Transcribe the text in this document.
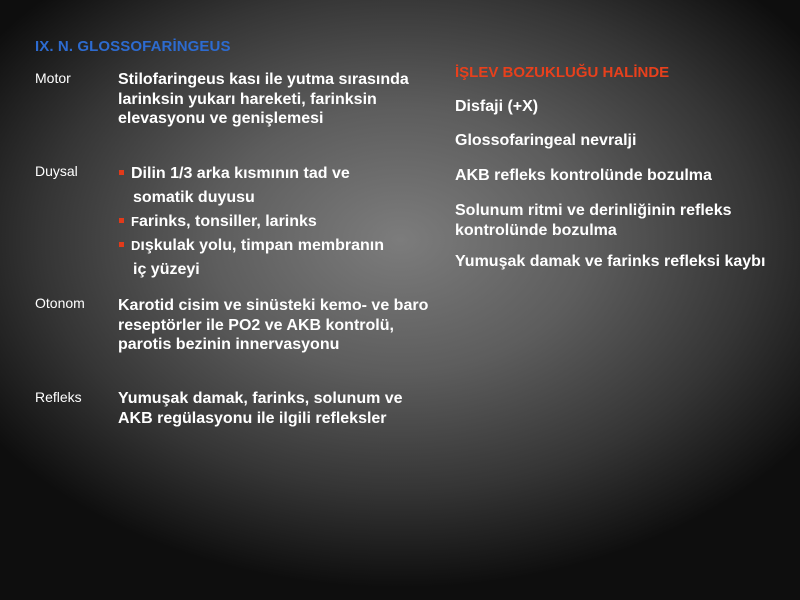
IX. N. GLOSSOFARİNGEUS
Motor	Stilofaringeus kası ile yutma sırasında larinksin yukarı hareketi, farinksin elevasyonu ve genişlemesi
Duysal	Dilin 1/3 arka kısmının tad ve
somatik duyusu
Farinks, tonsiller, larinks
Dışkulak yolu, timpan membranın
iç yüzeyi
Otonom Karotid cisim ve sinüsteki kemo- ve baro reseptörler ile PO2 ve AKB kontrolü, parotis bezinin innervasyonu
Refleks Yumuşak damak, farinks, solunum ve AKB regülasyonu ile ilgili refleksler
İŞLEV BOZUKLUĞU HALİNDE
Disfaji (+X)
Glossofaringeal nevralji
AKB refleks kontrolünde bozulma
Solunum ritmi ve derinliğinin refleks kontrolünde bozulma
Yumuşak damak ve farinks refleksi kaybı
